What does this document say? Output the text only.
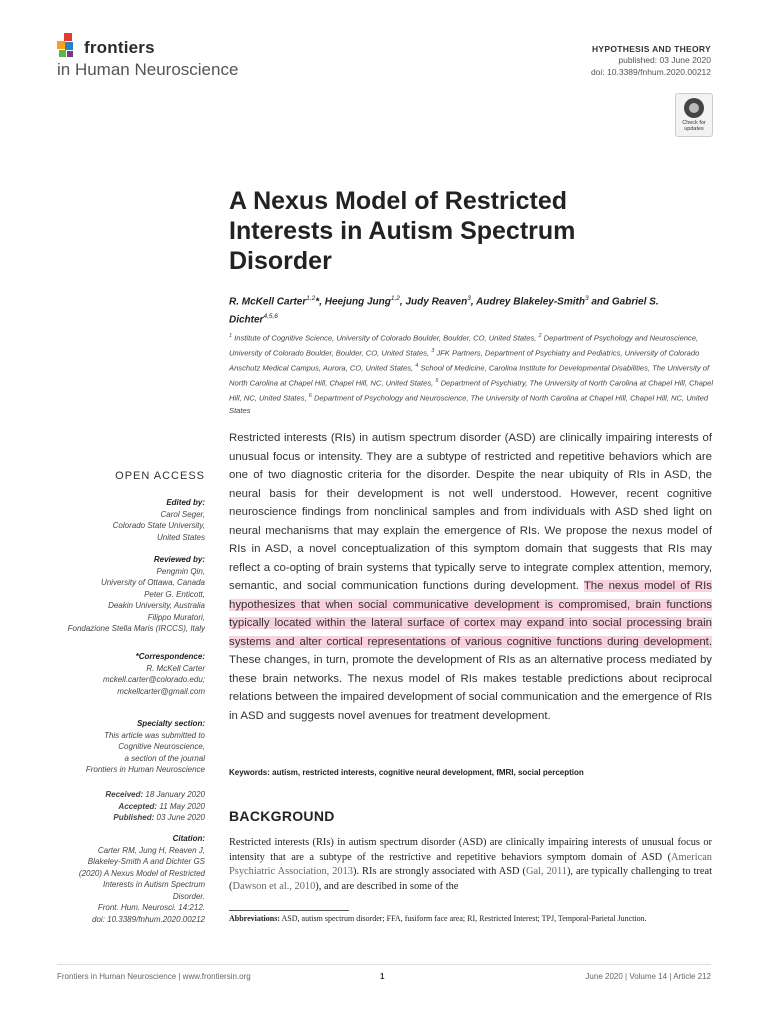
frontiers
in Human Neuroscience
HYPOTHESIS AND THEORY
published: 03 June 2020
doi: 10.3389/fnhum.2020.00212
Check for updates
A Nexus Model of Restricted Interests in Autism Spectrum Disorder
R. McKell Carter$^{1,2}$*, Heejung Jung$^{1,2}$, Judy Reaven$^3$, Audrey Blakeley-Smith$^3$ and Gabriel S. Dichter$^{4,5,6}$
$^1$ Institute of Cognitive Science, University of Colorado Boulder, Boulder, CO, United States, $^2$ Department of Psychology and Neuroscience, University of Colorado Boulder, Boulder, CO, United States, $^3$ JFK Partners, Department of Psychiatry and Pediatrics, University of Colorado Anschutz Medical Campus, Aurora, CO, United States, $^4$ School of Medicine, Carolina Institute for Developmental Disabilities, The University of North Carolina at Chapel Hill, Chapel Hill, NC, United States, $^5$ Department of Psychiatry, The University of North Carolina at Chapel Hill, Chapel Hill, NC, United States, $^6$ Department of Psychology and Neuroscience, The University of North Carolina at Chapel Hill, Chapel Hill, NC, United States
Restricted interests (RIs) in autism spectrum disorder (ASD) are clinically impairing interests of unusual focus or intensity. They are a subtype of restricted and repetitive behaviors which are one of two diagnostic criteria for the disorder. Despite the near ubiquity of RIs in ASD, the neural basis for their development is not well understood. However, recent cognitive neuroscience findings from nonclinical samples and from individuals with ASD shed light on neural mechanisms that may explain the emergence of RIs. We propose the nexus model of RIs in ASD, a novel conceptualization of this symptom domain that suggests that RIs may reflect a co-opting of brain systems that typically serve to integrate complex attention, memory, semantic, and social communication functions during development. The nexus model of RIs hypothesizes that when social communicative development is compromised, brain functions typically located within the lateral surface of cortex may expand into social processing brain systems and alter cortical representations of various cognitive functions during development. These changes, in turn, promote the development of RIs as an alternative process mediated by these brain networks. The nexus model of RIs makes testable predictions about reciprocal relations between the impaired development of social communication and the emergence of RIs in ASD and suggests novel avenues for treatment development.
Keywords: autism, restricted interests, cognitive neural development, fMRI, social perception
BACKGROUND
Restricted interests (RIs) in autism spectrum disorder (ASD) are clinically impairing interests of unusual focus or intensity that are a subtype of the restrictive and repetitive behaviors symptom domain of ASD (American Psychiatric Association, 2013). RIs are strongly associated with ASD (Gal, 2011), are typically challenging to treat (Dawson et al., 2010), and are described in some of the
Abbreviations: ASD, autism spectrum disorder; FFA, fusiform face area; RI, Restricted Interest; TPJ, Temporal-Parietal Junction.
OPEN ACCESS
Edited by:
Carol Seger,
Colorado State University,
United States
Reviewed by:
Pengmin Qin,
University of Ottawa, Canada
Peter G. Enticott,
Deakin University, Australia
Filippo Muratori,
Fondazione Stella Maris (IRCCS), Italy
*Correspondence:
R. McKell Carter
mckell.carter@colorado.edu;
mckellcarter@gmail.com
Specialty section:
This article was submitted to
Cognitive Neuroscience,
a section of the journal
Frontiers in Human Neuroscience
Received: 18 January 2020
Accepted: 11 May 2020
Published: 03 June 2020
Citation:
Carter RM, Jung H, Reaven J,
Blakeley-Smith A and Dichter GS
(2020) A Nexus Model of Restricted
Interests in Autism Spectrum
Disorder.
Front. Hum. Neurosci. 14:212.
doi: 10.3389/fnhum.2020.00212
Frontiers in Human Neuroscience | www.frontiersin.org	1	June 2020 | Volume 14 | Article 212
